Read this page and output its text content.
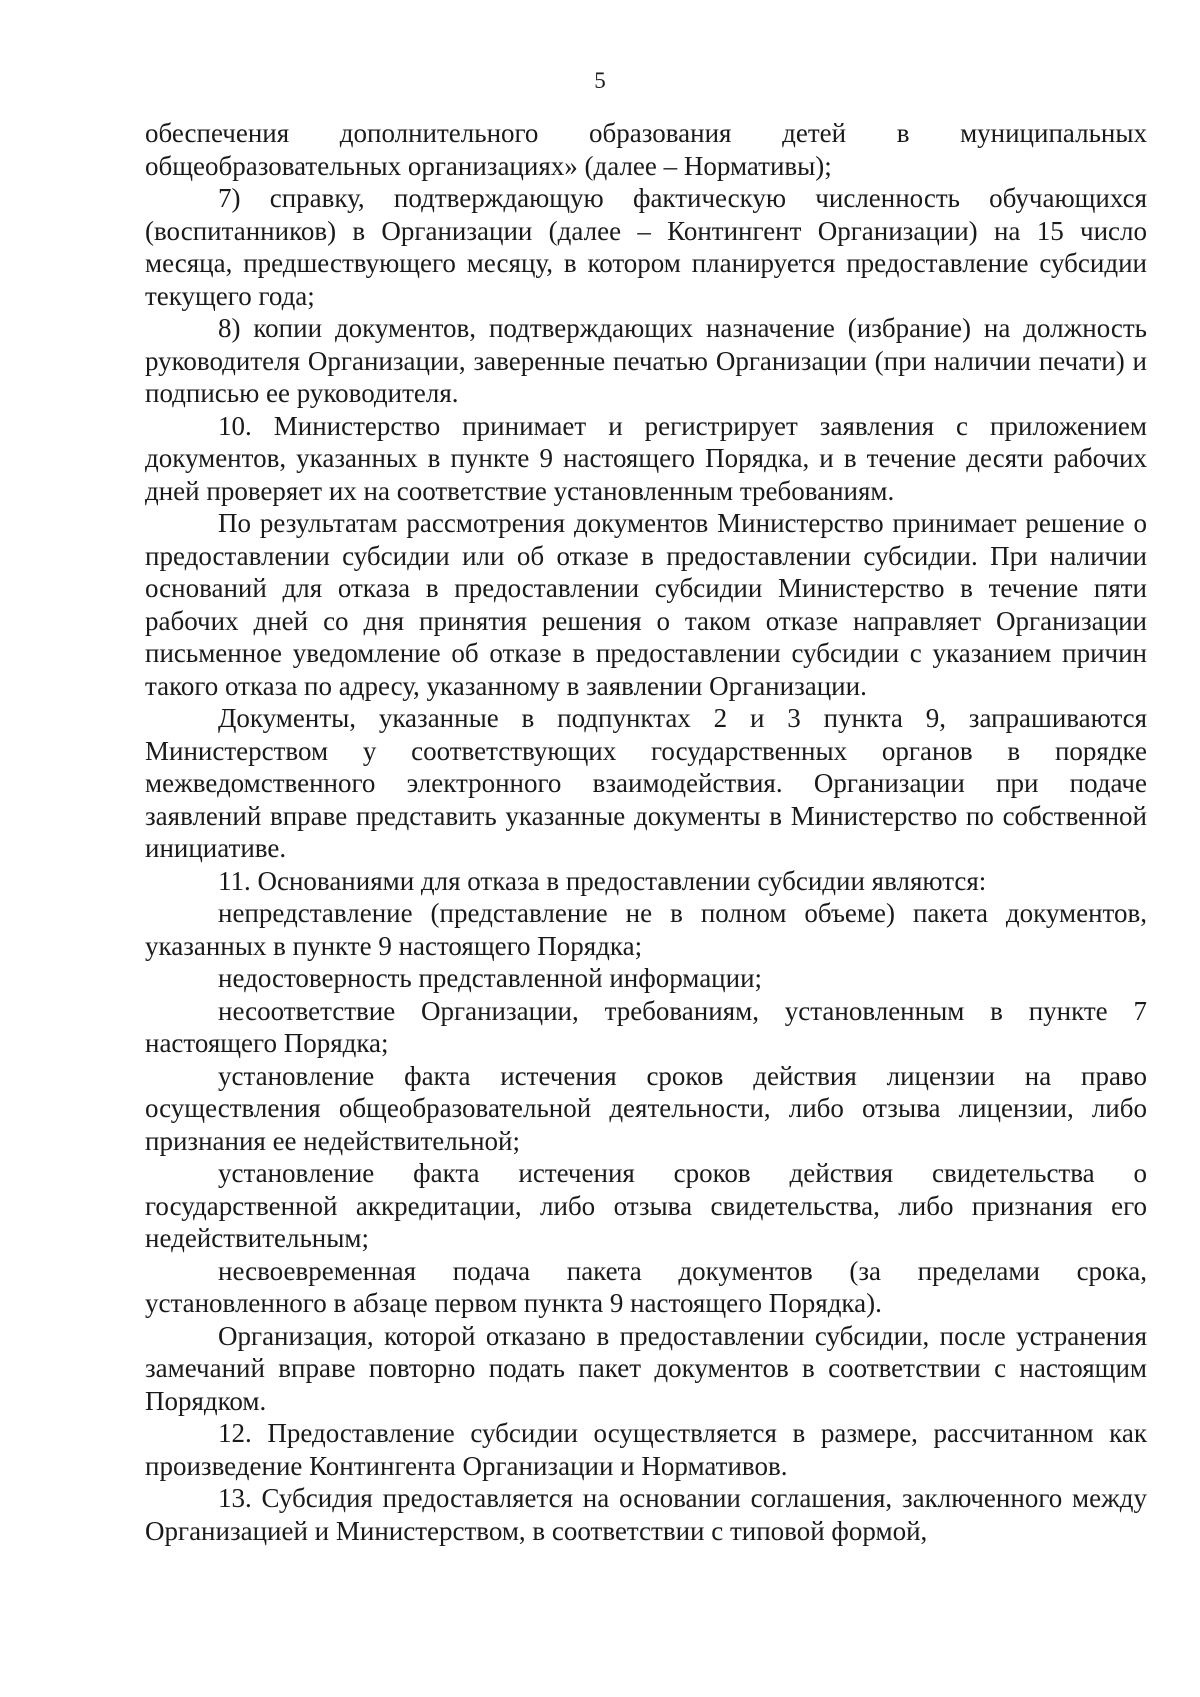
5

обеспечения дополнительного образования детей в муниципальных общеобразовательных организациях» (далее – Нормативы);

7) справку, подтверждающую фактическую численность обучающихся (воспитанников) в Организации (далее – Контингент Организации) на 15 число месяца, предшествующего месяцу, в котором планируется предоставление субсидии текущего года;

8) копии документов, подтверждающих назначение (избрание) на должность руководителя Организации, заверенные печатью Организации (при наличии печати) и подписью ее руководителя.

10. Министерство принимает и регистрирует заявления с приложением документов, указанных в пункте 9 настоящего Порядка, и в течение десяти рабочих дней проверяет их на соответствие установленным требованиям.

По результатам рассмотрения документов Министерство принимает решение о предоставлении субсидии или об отказе в предоставлении субсидии. При наличии оснований для отказа в предоставлении субсидии Министерство в течение пяти рабочих дней со дня принятия решения о таком отказе направляет Организации письменное уведомление об отказе в предоставлении субсидии с указанием причин такого отказа по адресу, указанному в заявлении Организации.

Документы, указанные в подпунктах 2 и 3 пункта 9, запрашиваются Министерством у соответствующих государственных органов в порядке межведомственного электронного взаимодействия. Организации при подаче заявлений вправе представить указанные документы в Министерство по собственной инициативе.

11. Основаниями для отказа в предоставлении субсидии являются:

непредставление (представление не в полном объеме) пакета документов, указанных в пункте 9 настоящего Порядка;

недостоверность представленной информации;

несоответствие Организации, требованиям, установленным в пункте 7 настоящего Порядка;

установление факта истечения сроков действия лицензии на право осуществления общеобразовательной деятельности, либо отзыва лицензии, либо признания ее недействительной;

установление факта истечения сроков действия свидетельства о государственной аккредитации, либо отзыва свидетельства, либо признания его недействительным;

несвоевременная подача пакета документов (за пределами срока, установленного в абзаце первом пункта 9 настоящего Порядка).

Организация, которой отказано в предоставлении субсидии, после устранения замечаний вправе повторно подать пакет документов в соответствии с настоящим Порядком.

12. Предоставление субсидии осуществляется в размере, рассчитанном как произведение Контингента Организации и Нормативов.

13. Субсидия предоставляется на основании соглашения, заключенного между Организацией и Министерством, в соответствии с типовой формой,
